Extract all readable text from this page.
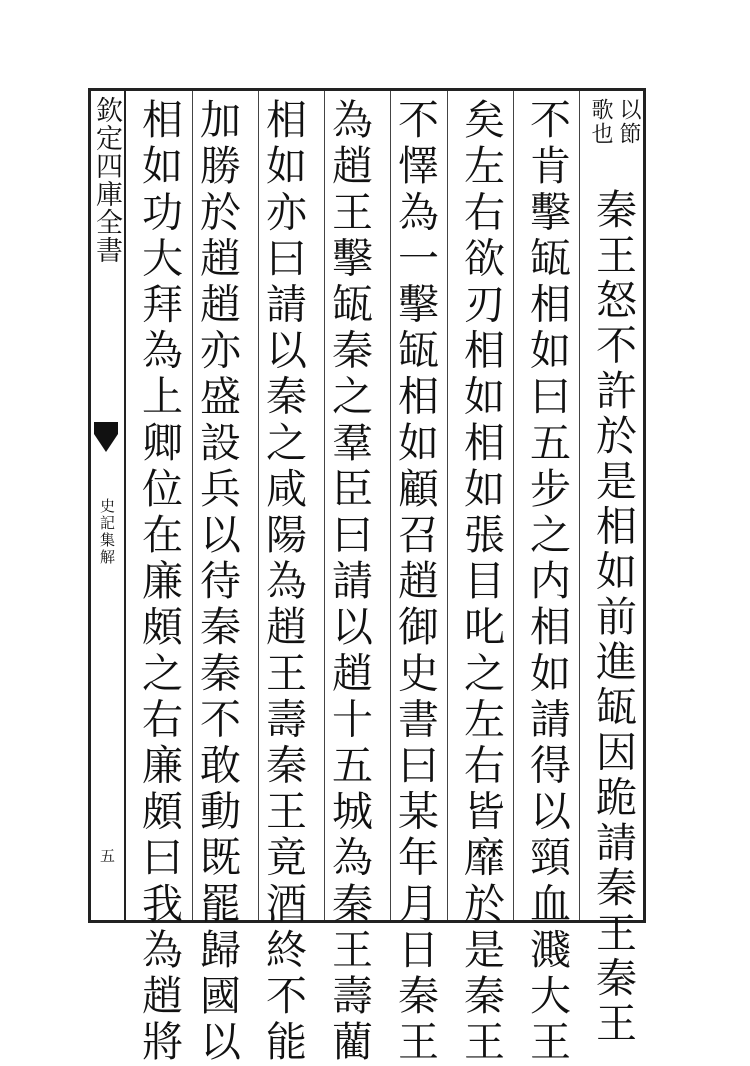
欽定四庫全書
史記集解
五
以節
歌也
秦王怒不許於是相如前進缻因跪請秦王秦王
不肯擊缻相如曰五步之内相如請得以頸血濺大王
矣左右欲刃相如相如張目叱之左右皆靡於是秦王
不懌為一擊缻相如顧召趙御史書曰某年月日秦王
為趙王擊缻秦之羣臣曰請以趙十五城為秦王壽藺
相如亦曰請以秦之咸陽為趙王壽秦王竟酒終不能
加勝於趙趙亦盛設兵以待秦秦不敢動既罷歸國以
相如功大拜為上卿位在廉頗之右廉頗曰我為趙將
